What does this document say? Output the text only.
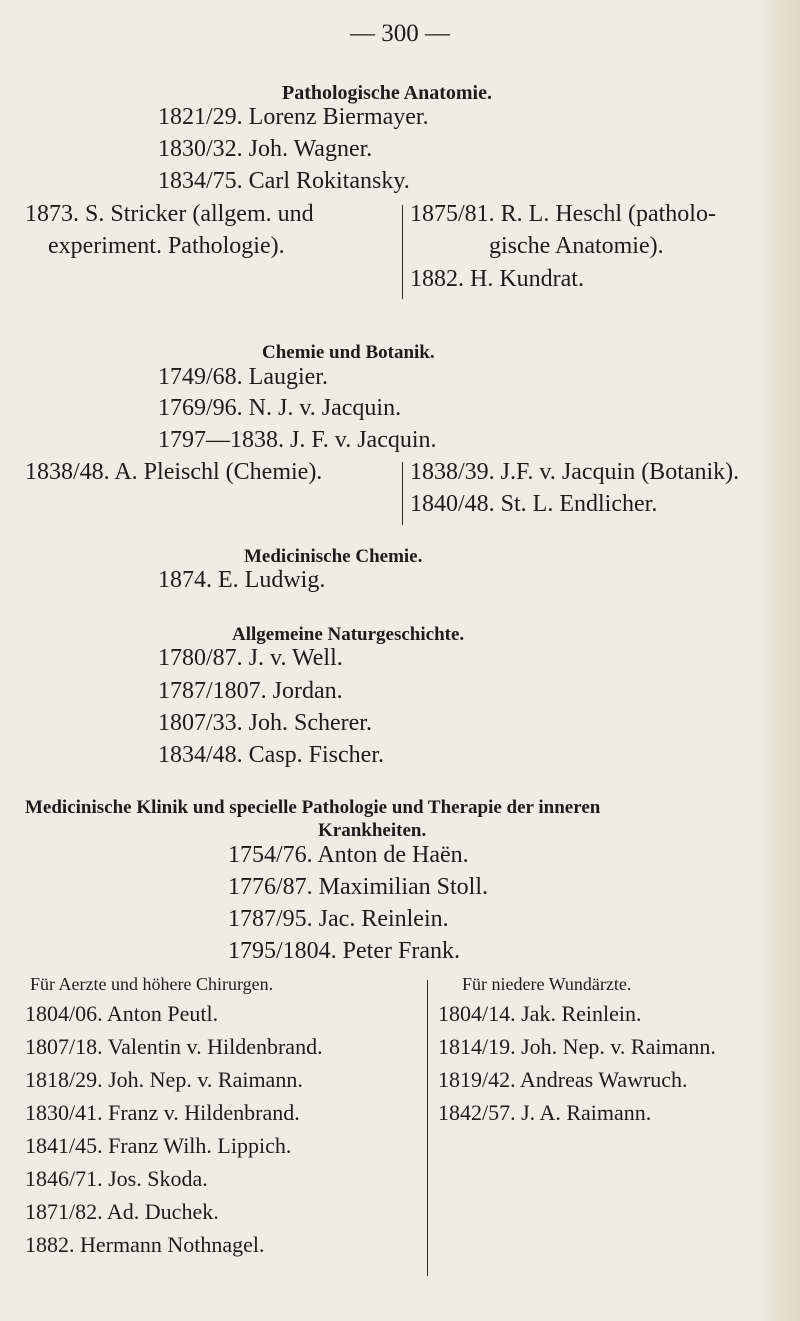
— 300 —
Pathologische Anatomie.
1821/29. Lorenz Biermayer.
1830/32. Joh. Wagner.
1834/75. Carl Rokitansky.
1873. S. Stricker (allgem. und
experiment. Pathologie).
1875/81. R. L. Heschl (patholo-
gische Anatomie).
1882. H. Kundrat.
Chemie und Botanik.
1749/68. Laugier.
1769/96. N. J. v. Jacquin.
1797—1838. J. F. v. Jacquin.
1838/48. A. Pleischl (Chemie).	1838/39. J.F. v. Jacquin (Botanik).
1840/48. St. L. Endlicher.
Medicinische Chemie.
1874. E. Ludwig.
Allgemeine Naturgeschichte.
1780/87. J. v. Well.
1787/1807. Jordan.
1807/33. Joh. Scherer.
1834/48. Casp. Fischer.
Medicinische Klinik und specielle Pathologie und Therapie der inneren
Krankheiten.
1754/76. Anton de Haën.
1776/87. Maximilian Stoll.
1787/95. Jac. Reinlein.
1795/1804. Peter Frank.
Für Aerzte und höhere Chirurgen.	Für niedere Wundärzte.
1804/06. Anton Peutl.
1807/18. Valentin v. Hildenbrand.
1818/29. Joh. Nep. v. Raimann.
1830/41. Franz v. Hildenbrand.
1841/45. Franz Wilh. Lippich.
1846/71. Jos. Skoda.
1871/82. Ad. Duchek.
1882. Hermann Nothnagel.
1804/14. Jak. Reinlein.
1814/19. Joh. Nep. v. Raimann.
1819/42. Andreas Wawruch.
1842/57. J. A. Raimann.
